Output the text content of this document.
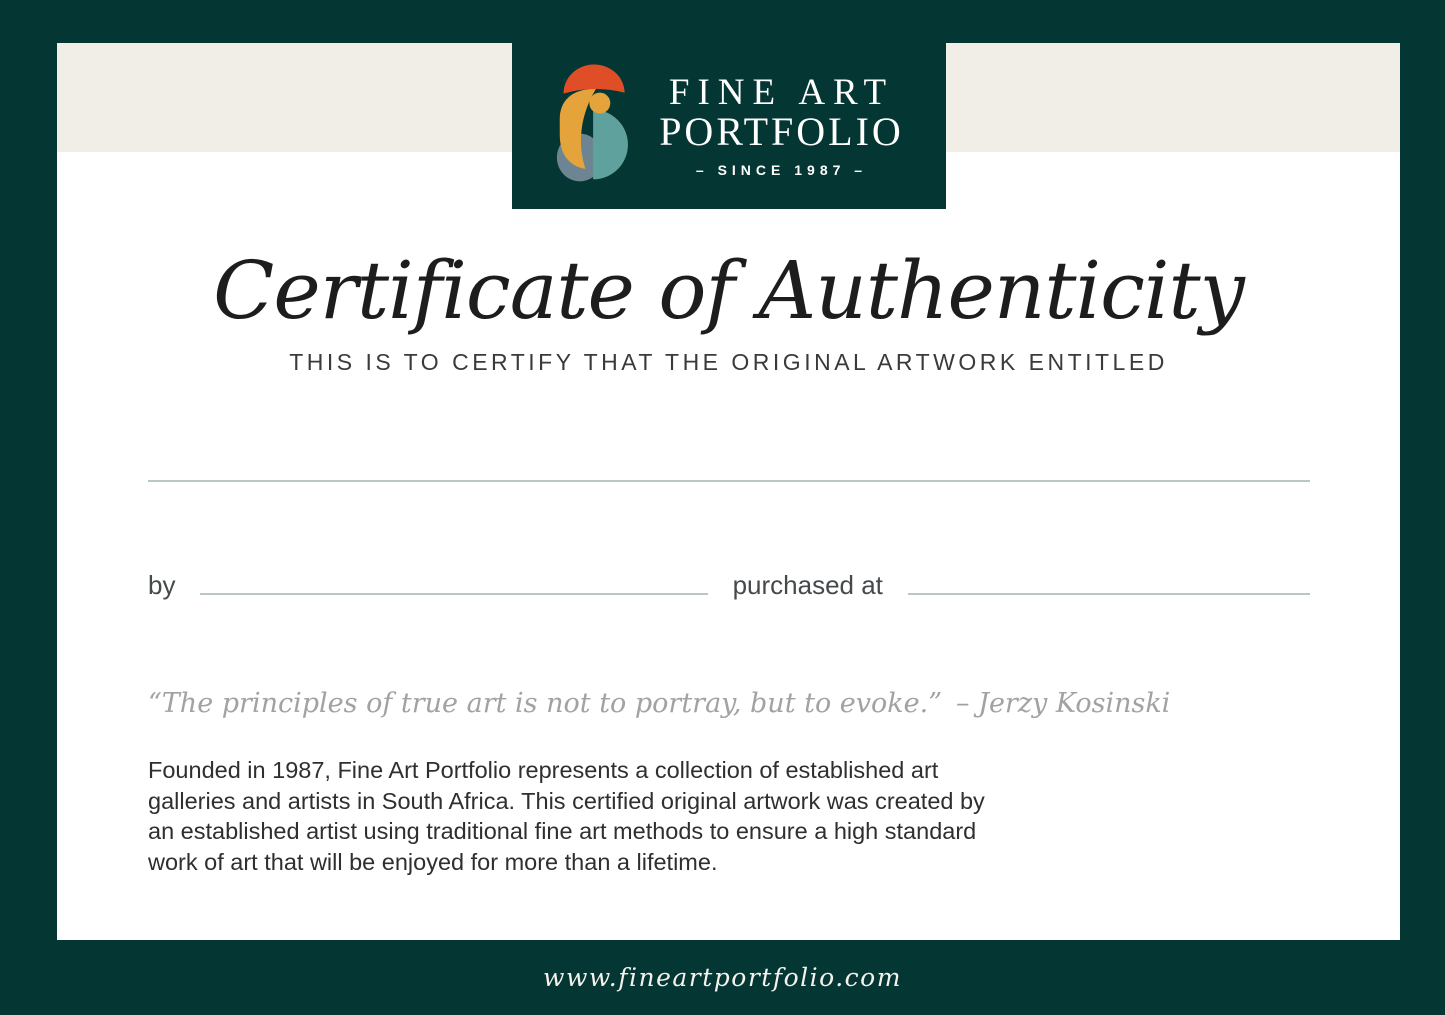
FINE ART
PORTFOLIO
– SINCE 1987 –
Certificate of Authenticity
THIS IS TO CERTIFY THAT THE ORIGINAL ARTWORK ENTITLED
by	purchased at
“The principles of true art is not to portray, but to evoke.” – Jerzy Kosinski
Founded in 1987, Fine Art Portfolio represents a collection of established art galleries and artists in South Africa. This certified original artwork was created by an established artist using traditional fine art methods to ensure a high standard work of art that will be enjoyed for more than a lifetime.
www.fineartportfolio.com
